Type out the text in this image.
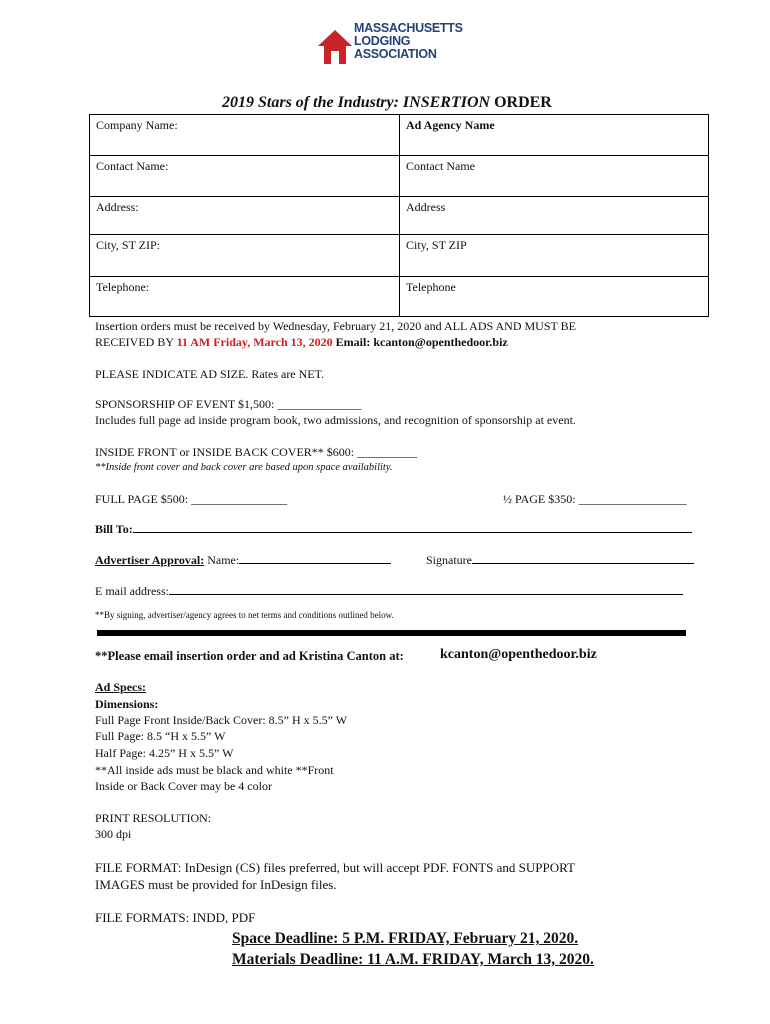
MASSACHUSETTS
LODGING
ASSOCIATION
2019 Stars of the Industry: INSERTION ORDER
Company Name:	Ad Agency Name
Contact Name:	Contact Name
Address:	Address
City, ST ZIP:	City, ST ZIP
Telephone:	Telephone
Insertion orders must be received by Wednesday, February 21, 2020 and ALL ADS AND MUST BE
RECEIVED BY 11 AM Friday, March 13, 2020 Email: kcanton@openthedoor.biz
PLEASE INDICATE AD SIZE. Rates are NET.
SPONSORSHIP OF EVENT $1,500: ______________
Includes full page ad inside program book, two admissions, and recognition of sponsorship at event.
INSIDE FRONT or INSIDE BACK COVER** $600: __________
**Inside front cover and back cover are based upon space availability.
FULL PAGE $500: ________________	½ PAGE $350: __________________
Bill To:
Advertiser Approval: Name:	Signature
E mail address:
**By signing, advertiser/agency agrees to net terms and conditions outlined below.
**Please email insertion order and ad Kristina Canton at:	kcanton@openthedoor.biz
Ad Specs:
Dimensions:
Full Page Front Inside/Back Cover: 8.5” H x 5.5” W
Full Page: 8.5 “H x 5.5” W
Half Page: 4.25” H x 5.5” W
**All inside ads must be black and white **Front
Inside or Back Cover may be 4 color
PRINT RESOLUTION:
300 dpi
FILE FORMAT: InDesign (CS) files preferred, but will accept PDF. FONTS and SUPPORT
IMAGES must be provided for InDesign files.
FILE FORMATS: INDD, PDF
Space Deadline: 5 P.M. FRIDAY, February 21, 2020.
Materials Deadline: 11 A.M. FRIDAY, March 13, 2020.
